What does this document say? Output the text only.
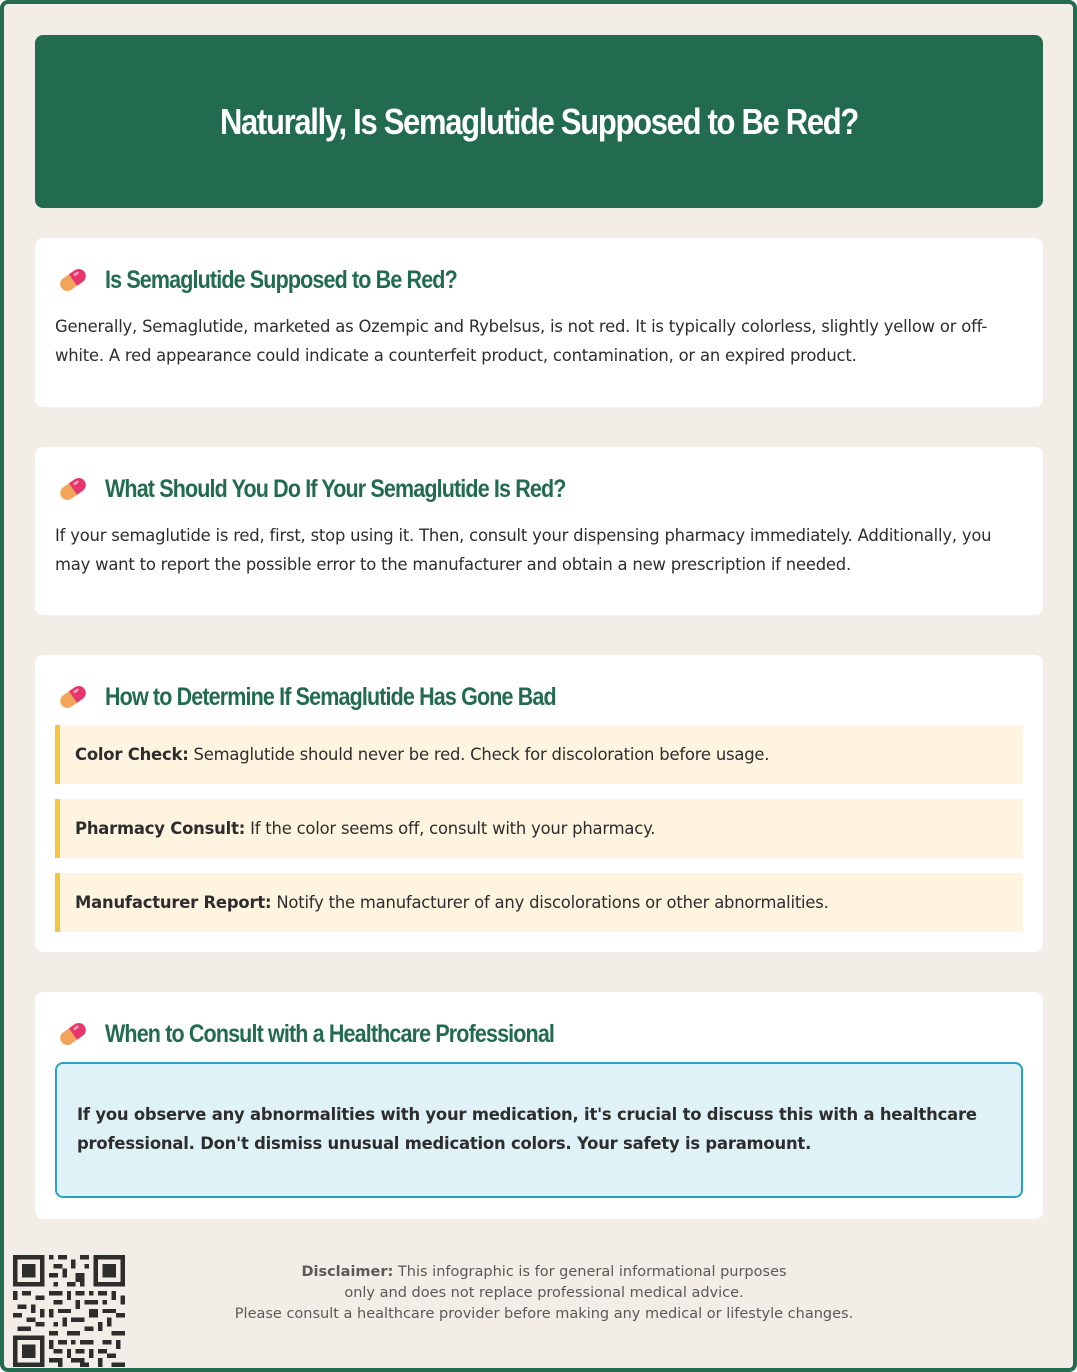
Naturally, Is Semaglutide Supposed to Be Red?
Is Semaglutide Supposed to Be Red?

Generally, Semaglutide, marketed as Ozempic and Rybelsus, is not red. It is typically colorless, slightly yellow or off-white. A red appearance could indicate a counterfeit product, contamination, or an expired product.

What Should You Do If Your Semaglutide Is Red?

If your semaglutide is red, first, stop using it. Then, consult your dispensing pharmacy immediately. Additionally, you may want to report the possible error to the manufacturer and obtain a new prescription if needed.

How to Determine If Semaglutide Has Gone Bad
Color Check: Semaglutide should never be red. Check for discoloration before usage.
Pharmacy Consult: If the color seems off, consult with your pharmacy.
Manufacturer Report: Notify the manufacturer of any discolorations or other abnormalities.
When to Consult with a Healthcare Professional
If you observe any abnormalities with your medication, it's crucial to discuss this with a healthcare professional. Don't dismiss unusual medication colors. Your safety is paramount.
Disclaimer: This infographic is for general informational purposes
only and does not replace professional medical advice.
Please consult a healthcare provider before making any medical or lifestyle changes.
